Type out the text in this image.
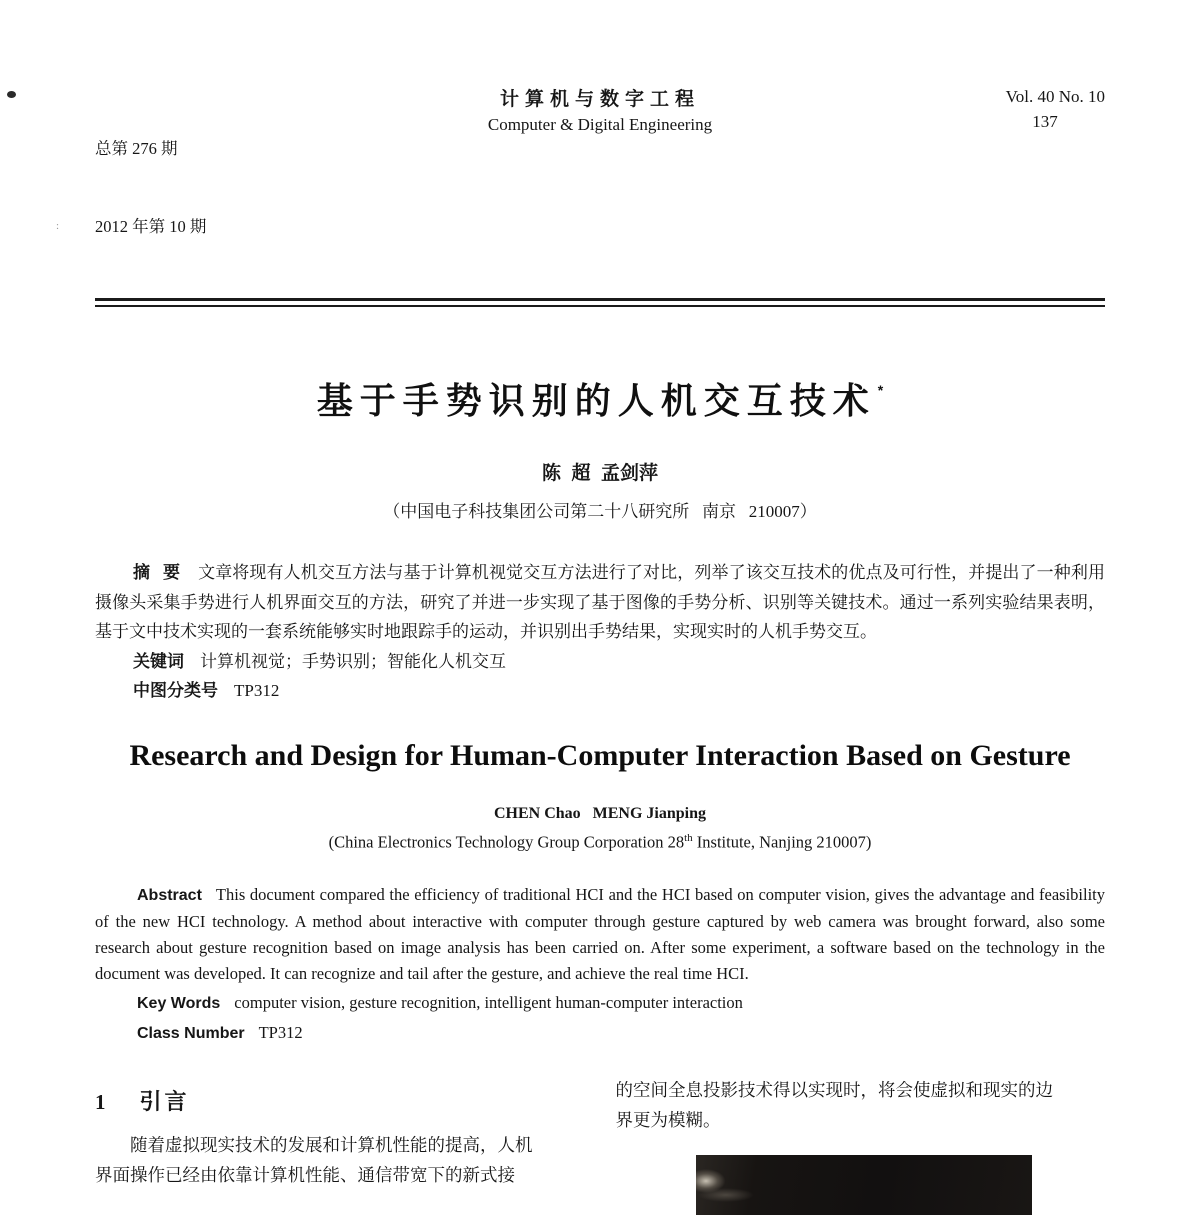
:

总第 276 期

2012 年第 10 期

计算机与数字工程
Computer & Digital Engineering
Vol. 40 No. 10
137
基于手势识别的人机交互技术 *
陈  超  孟剑萍
（中国电子科技集团公司第二十八研究所   南京   210007）

摘 要 文章将现有人机交互方法与基于计算机视觉交互方法进行了对比，列举了该交互技术的优点及可行性，并提出了一种利用摄像头采集手势进行人机界面交互的方法，研究了并进一步实现了基于图像的手势分析、识别等关键技术。通过一系列实验结果表明，基于文中技术实现的一套系统能够实时地跟踪手的运动，并识别出手势结果，实现实时的人机手势交互。

关键词 计算机视觉；手势识别；智能化人机交互

中图分类号 TP312

Research and Design for Human-Computer Interaction Based on Gesture
CHEN Chao   MENG Jianping
(China Electronics Technology Group Corporation 28th Institute, Nanjing 210007)

Abstract This document compared the efficiency of traditional HCI and the HCI based on computer vision, gives the advantage and feasibility of the new HCI technology. A method about interactive with computer through gesture captured by web camera was brought forward, also some research about gesture recognition based on image analysis has been carried on. After some experiment, a software based on the technology in the document was developed. It can recognize and tail after the gesture, and achieve the real time HCI.

Key Words computer vision, gesture recognition, intelligent human-computer interaction

Class Number TP312

1 引言
随着虚拟现实技术的发展和计算机性能的提高，人机
界面操作已经由依靠计算机性能、通信带宽下的新式接
的空间全息投影技术得以实现时，将会使虚拟和现实的边
界更为模糊。
